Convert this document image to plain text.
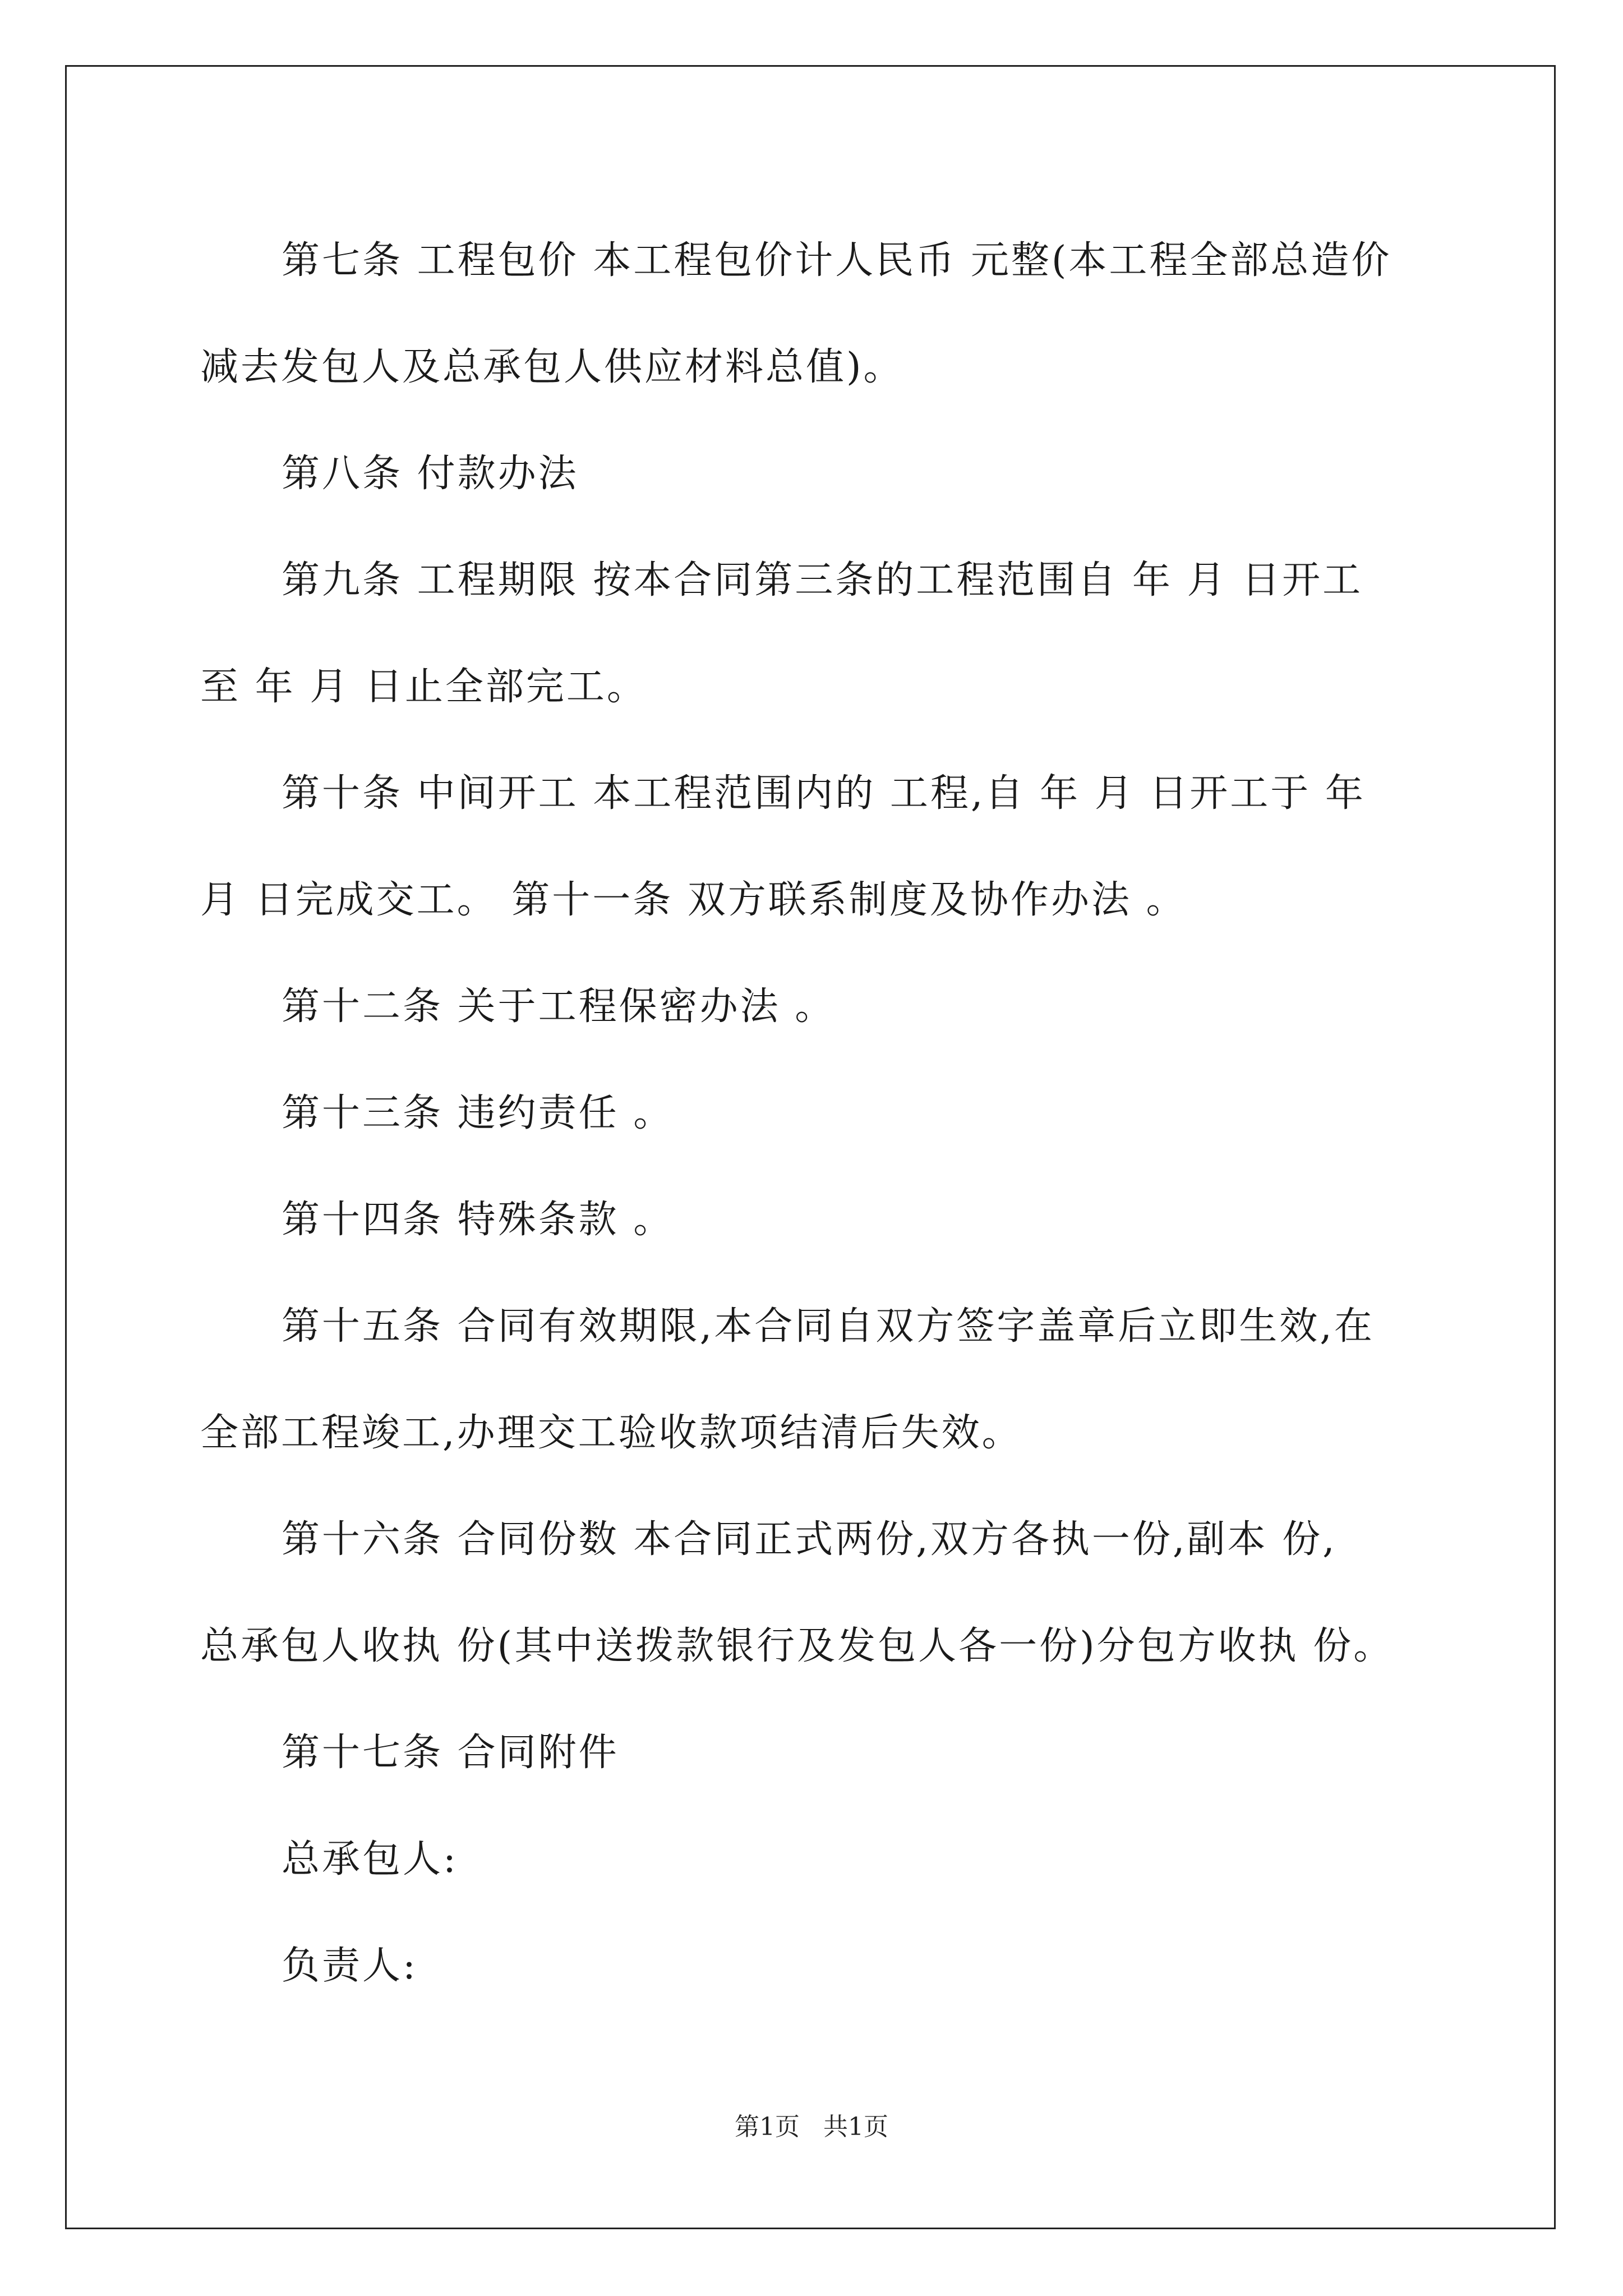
第七条 工程包价 本工程包价计人民币 元整(本工程全部总造价

减去发包人及总承包人供应材料总值)。

第八条 付款办法

第九条 工程期限 按本合同第三条的工程范围自 年 月 日开工

至 年 月 日止全部完工。

第十条 中间开工 本工程范围内的 工程,自 年 月 日开工于 年

月 日完成交工。 第十一条 双方联系制度及协作办法 。

第十二条 关于工程保密办法 。

第十三条 违约责任 。

第十四条 特殊条款 。

第十五条 合同有效期限,本合同自双方签字盖章后立即生效,在

全部工程竣工,办理交工验收款项结清后失效。

第十六条 合同份数 本合同正式两份,双方各执一份,副本 份,

总承包人收执 份(其中送拨款银行及发包人各一份)分包方收执 份。

第十七条 合同附件

总承包人:

负责人:

第1页   共1页
